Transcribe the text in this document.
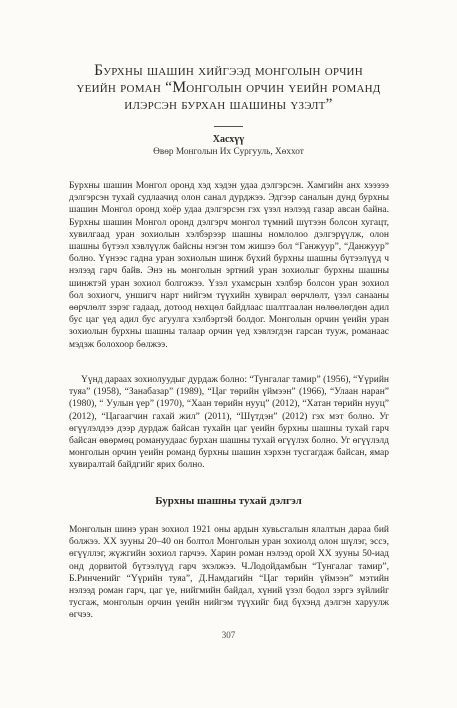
Бурхны шашин хийгээд монголын орчин
үеийн роман “Монголын орчин үеийн романд
илэрсэн бурхан шашины үзэлт”
Хасхүү
Өвөр Монголын Их Сургууль, Хөххот

Бурхны шашин Монгол оронд хэд хэдэн удаа дэлгэрсэн. Хамгийн анх хэээээ дэлгэрсэн тухай судлаачид олон санал дурджээ. Эдгээр саналын дунд бурхны шашин Монгол оронд хоёр удаа дэлгэрсэн гэх үзэл нэлээд газар авсан байна. Бурхны шашин Монгол оронд дэлгэрч монгол түмний шүтээн болсон хугацт, хувилгаад уран зохиолын хэлбэрээр шашны номлолоо дэлгэрүүлж, олон шашны бүтээл хэвлүүлж байсны нэгэн том жишээ бол “Ганжуур”, “Данжуур” болно. Үүнээс гадна уран зохиолын шинж бүхий бурхны шашны бүтээлүүд ч нэлээд гарч байв. Энэ нь монголын эртний уран зохиолыг бурхны шашны шинжтэй уран зохиол болгожээ. Үзэл ухамсрын хэлбэр болсон уран зохиол бол зохиогч, уншигч нарт нийгэм түүхийн хувирал өөрчлөлт, үзэл санааны өөрчлөлт зэрэг гадаад, дотоод нөхцөл байдлаас шалтгаалан нөлөөлөгдөн адил бус цаг үед адил бус агуулга хэлбэртэй болдог. Монголын орчин үеийн уран зохиолын бурхны шашны талаар орчин үед хэвлэгдэн гарсан тууж, романаас мэдэж болохоор бөлжээ.

Үүнд дараах зохиолуудыг дурдаж болно: “Тунгалаг тамир” (1956), “Үүрийн туяа” (1958), “Занабазар” (1989), “Цаг төрийн үймээн” (1966), “Улаан наран” (1980), “ Уулын үер” (1970), “Хаан төрийн нууц” (2012), “Хатан төрийн нууц” (2012), “Цагаагчин гахай жил” (2011), “Шүтдэн” (2012) гэх мэт болно. Уг өгүүлэлдээ дээр дурдаж байсан тухайн цаг үеийн бурхны шашны тухай гарч байсан өвөрмөц романуудаас бурхан шашны тухай өгүүлэх болно. Уг өгүүлэлд монголын орчин үеийн романд бурхны шашин хэрхэн тусгагдаж байсан, ямар хувиралтай байдгийг ярих болно.

Бурхны шашны тухай дэлгэл

Монголын шинэ уран зохиол 1921 оны ардын хувьсгалын ялалтын дараа бий болжээ. XX зууны 20–40 он болтол Монголын уран зохиолд олон шүлэг, эссэ, өгүүллэг, жүжгийн зохиол гарчээ. Харин роман нэлээд орой XX зууны 50-иад онд дорвитой бүтээлүүд гарч эхэлжээ. Ч.Лодойдамбын “Тунгалаг тамир”, Б.Ринченийг “Үүрийн туяа”, Д.Намдагийн “Цаг төрийн үймээн” мэтийн нэлээд роман гарч, цаг үе, нийгмийн байдал, хүний үзэл бодол зэргэ зүйлийг тусгаж, монголын орчин үеийн нийгэм түүхийг бид бүхэнд дэлгэн харуулж өгчээ.

307
